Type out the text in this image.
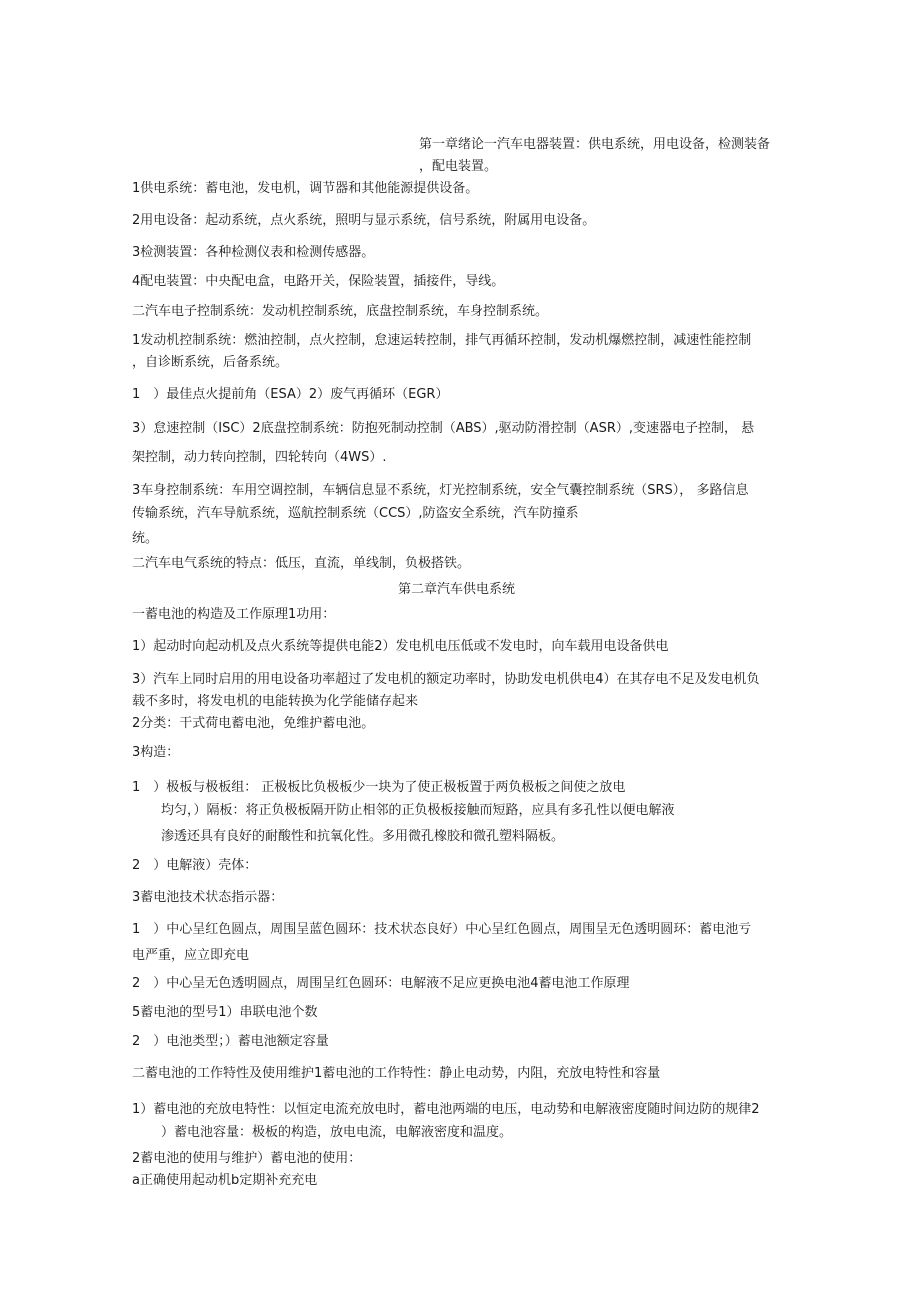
第一章绪论一汽车电器装置：供电系统，用电设备，检测装备
，配电装置。
1供电系统：蓄电池，发电机，调节器和其他能源提供设备。
2用电设备：起动系统，点火系统，照明与显示系统，信号系统，附属用电设备。
3检测装置：各种检测仪表和检测传感器。
4配电装置：中央配电盒，电路开关，保险装置，插接件，导线。
二汽车电子控制系统：发动机控制系统，底盘控制系统，车身控制系统。
1发动机控制系统：燃油控制，点火控制，怠速运转控制，排气再循环控制，发动机爆燃控制，减速性能控制
，自诊断系统，后备系统。
1　）最佳点火提前角（ESA）2）废气再循环（EGR）
3）怠速控制（ISC）2底盘控制系统：防抱死制动控制（ABS）,驱动防滑控制（ASR）,变速器电子控制， 悬
架控制，动力转向控制，四轮转向（4WS）.
3车身控制系统：车用空调控制，车辆信息显不系统，灯光控制系统，安全气囊控制系统（SRS）， 多路信息
传输系统，汽车导航系统，巡航控制系统（CCS）,防盗安全系统，汽车防撞系
统。
二汽车电气系统的特点：低压，直流，单线制，负极搭铁。
第二章汽车供电系统
一蓄电池的构造及工作原理1功用：
1）起动时向起动机及点火系统等提供电能2）发电机电压低或不发电时，向车载用电设备供电
3）汽车上同时启用的用电设备功率超过了发电机的额定功率时，协助发电机供电4）在其存电不足及发电机负
载不多时，将发电机的电能转换为化学能储存起来
2分类：干式荷电蓄电池，免维护蓄电池。
3构造：
1　）极板与极板组： 正极板比负极板少一块为了使正极板置于两负极板之间使之放电
均匀，）隔板：将正负极板隔开防止相邻的正负极板接触而短路，应具有多孔性以便电解液
渗透还具有良好的耐酸性和抗氧化性。多用微孔橡胶和微孔塑料隔板。
2　）电解液）壳体：
3蓄电池技术状态指示器：
1　）中心呈红色圆点，周围呈蓝色圆环：技术状态良好）中心呈红色圆点，周围呈无色透明圆环：蓄电池亏
电严重，应立即充电
2　）中心呈无色透明圆点，周围呈红色圆环：电解液不足应更换电池4蓄电池工作原理
5蓄电池的型号1）串联电池个数
2　）电池类型；）蓄电池额定容量
二蓄电池的工作特性及使用维护1蓄电池的工作特性：静止电动势，内阻，充放电特性和容量
1）蓄电池的充放电特性：以恒定电流充放电时，蓄电池两端的电压，电动势和电解液密度随时间边防的规律2
）蓄电池容量：极板的构造，放电电流，电解液密度和温度。
2蓄电池的使用与维护）蓄电池的使用：
a正确使用起动机b定期补充充电
